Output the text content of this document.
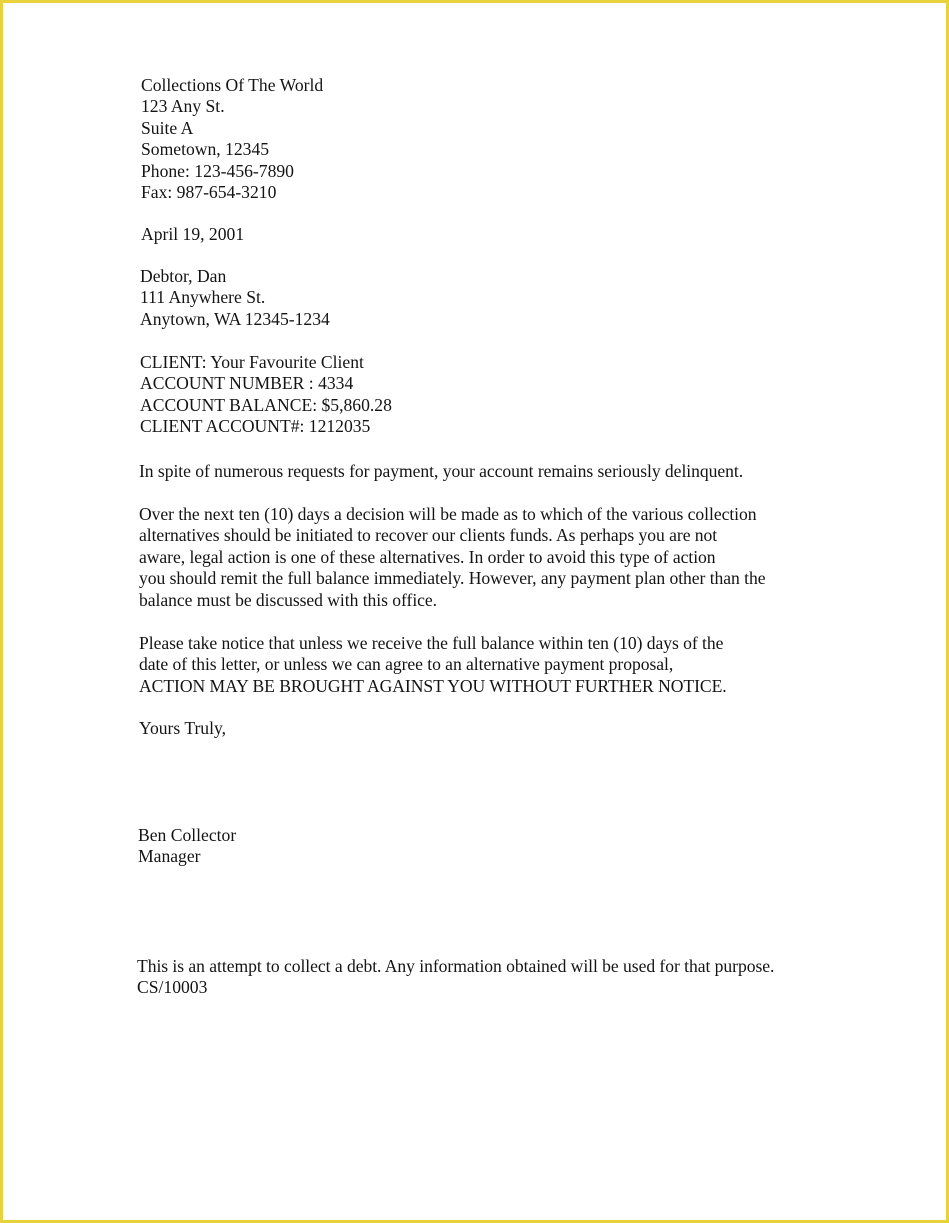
Collections Of The World
123 Any St.
Suite A
Sometown, 12345
Phone: 123-456-7890
Fax: 987-654-3210
April 19, 2001
Debtor, Dan
111 Anywhere St.
Anytown, WA 12345-1234
CLIENT: Your Favourite Client
ACCOUNT NUMBER : 4334
ACCOUNT BALANCE: $5,860.28
CLIENT ACCOUNT#: 1212035
In spite of numerous requests for payment, your account remains seriously delinquent.
Over the next ten (10) days a decision will be made as to which of the various collection
alternatives should be initiated to recover our clients funds. As perhaps you are not
aware, legal action is one of these alternatives. In order to avoid this type of action
you should remit the full balance immediately. However, any payment plan other than the
balance must be discussed with this office.
Please take notice that unless we receive the full balance within ten (10) days of the
date of this letter, or unless we can agree to an alternative payment proposal,
ACTION MAY BE BROUGHT AGAINST YOU WITHOUT FURTHER NOTICE.
Yours Truly,
Ben Collector
Manager
This is an attempt to collect a debt. Any information obtained will be used for that purpose.
CS/10003
